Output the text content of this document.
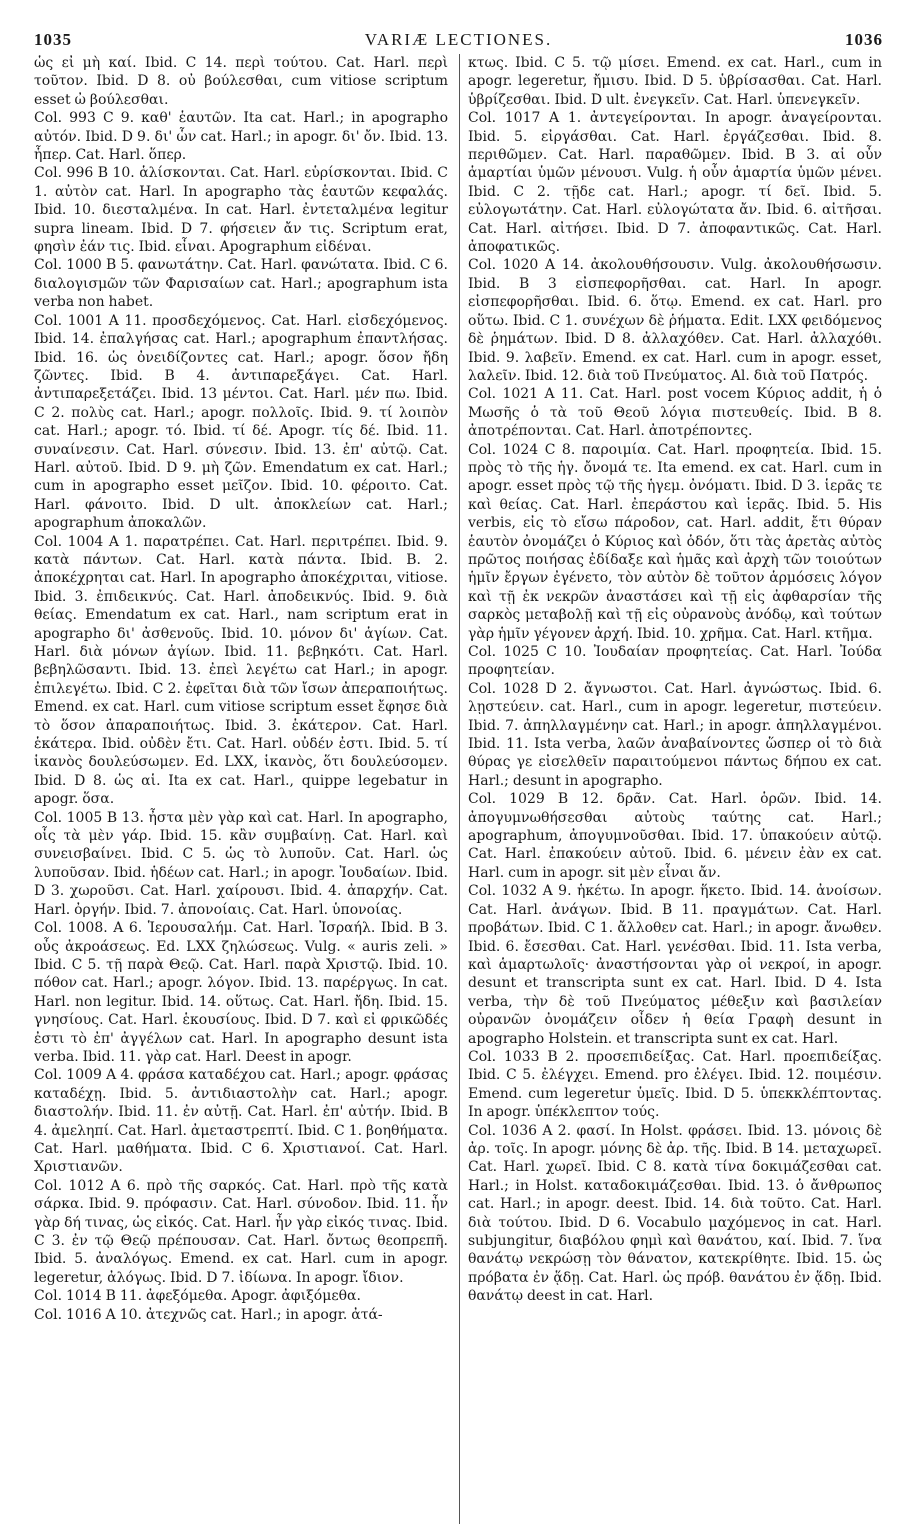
1035	VARIÆ LECTIONES.	1036

ὡς εἰ μὴ καί. Ibid. C 14. περὶ τούτου. Cat. Harl. περὶ τοῦτον. Ibid. D 8. οὐ βούλεσθαι, cum vitiose scriptum esset ὠ βούλεσθαι.

Col. 993 C 9. καθ' ἑαυτῶν. Ita cat. Harl.; in apographo αὐτόν. Ibid. D 9. δι' ὧν cat. Harl.; in apogr. δι' ὄν. Ibid. 13. ἧπερ. Cat. Harl. ὅπερ.

Col. 996 B 10. ἁλίσκονται. Cat. Harl. εὑρίσκονται. Ibid. C 1. αὐτὸν cat. Harl. In apographo τὰς ἑαυτῶν κεφαλάς. Ibid. 10. διεσταλμένα. In cat. Harl. ἐντεταλμένα legitur supra lineam. Ibid. D 7. φήσειεν ἄν τις. Scriptum erat, φησὶν ἐάν τις. Ibid. εἶναι. Apographum εἰδέναι.

Col. 1000 B 5. φανωτάτην. Cat. Harl. φανώτατα. Ibid. C 6. διαλογισμῶν τῶν Φαρισαίων cat. Harl.; apographum ista verba non habet.

Col. 1001 A 11. προσδεχόμενος. Cat. Harl. εἰσδεχόμενος. Ibid. 14. ἐπαλγήσας cat. Harl.; apographum ἐπαντλήσας. Ibid. 16. ὡς ὀνειδίζοντες cat. Harl.; apogr. ὅσον ἤδη ζῶντες. Ibid. B 4. ἀντιπαρεξάγει. Cat. Harl. ἀντιπαρεξετάζει. Ibid. 13 μέντοι. Cat. Harl. μέν πω. Ibid. C 2. πολὺς cat. Harl.; apogr. πολλοῖς. Ibid. 9. τί λοιπὸν cat. Harl.; apogr. τό. Ibid. τί δέ. Apogr. τίς δέ. Ibid. 11. συναίνεσιν. Cat. Harl. σύνεσιν. Ibid. 13. ἐπ' αὐτῷ. Cat. Harl. αὐτοῦ. Ibid. D 9. μὴ ζῶν. Emendatum ex cat. Harl.; cum in apographo esset μεῖζον. Ibid. 10. φέροιτο. Cat. Harl. φάνοιτο. Ibid. D ult. ἀποκλείων cat. Harl.; apographum ἀποκαλῶν.

Col. 1004 A 1. παρατρέπει. Cat. Harl. περιτρέπει. Ibid. 9. κατὰ πάντων. Cat. Harl. κατὰ πάντα. Ibid. B. 2. ἀποκέχρηται cat. Harl. In apographo ἀποκέχριται, vitiose. Ibid. 3. ἐπιδεικνύς. Cat. Harl. ἀποδεικνύς. Ibid. 9. διὰ θείας. Emendatum ex cat. Harl., nam scriptum erat in apographo δι' ἀσθενοῦς. Ibid. 10. μόνον δι' ἁγίων. Cat. Harl. διὰ μόνων ἁγίων. Ibid. 11. βεβηκότι. Cat. Harl. βεβηλῶσαντι. Ibid. 13. ἐπεὶ λεγέτω cat Harl.; in apogr. ἐπιλεγέτω. Ibid. C 2. ἐφεῖται διὰ τῶν ἴσων ἀπεραποιήτως. Emend. ex cat. Harl. cum vitiose scriptum esset ἔφησε διὰ τὸ ὅσον ἀπαραποιήτως. Ibid. 3. ἑκάτερον. Cat. Harl. ἑκάτερα. Ibid. οὐδὲν ἔτι. Cat. Harl. οὐδέν ἐστι. Ibid. 5. τί ἱκανὸς δουλεύσωμεν. Ed. LXX, ἱκανὸς, ὅτι δουλεύσομεν. Ibid. D 8. ὡς αἱ. Ita ex cat. Harl., quippe legebatur in apogr. ὅσα.

Col. 1005 B 13. ἦστα μὲν γὰρ καὶ cat. Harl. In apographo, οἷς τὰ μὲν γάρ. Ibid. 15. κἂν συμβαίνῃ. Cat. Harl. καὶ συνεισβαίνει. Ibid. C 5. ὡς τὸ λυποῦν. Cat. Harl. ὡς λυποῦσαν. Ibid. ἡδέων cat. Harl.; in apogr. Ἰουδαίων. Ibid. D 3. χωροῦσι. Cat. Harl. χαίρουσι. Ibid. 4. ἀπαρχήν. Cat. Harl. ὀργήν. Ibid. 7. ἀπονοίαις. Cat. Harl. ὑπονοίας.

Col. 1008. A 6. Ἱερουσαλήμ. Cat. Harl. Ἰσραήλ. Ibid. B 3. οὖς ἀκροάσεως. Ed. LXX ζηλώσεως. Vulg. « auris zeli. » Ibid. C 5. τῇ παρὰ Θεῷ. Cat. Harl. παρὰ Χριστῷ. Ibid. 10. πόθον cat. Harl.; apogr. λόγον. Ibid. 13. παρέργως. In cat. Harl. non legitur. Ibid. 14. οὕτως. Cat. Harl. ἤδη. Ibid. 15. γνησίους. Cat. Harl. ἑκουσίους. Ibid. D 7. καὶ εἰ φρικῶδές ἐστι τὸ ἐπ' ἀγγέλων cat. Harl. In apographo desunt ista verba. Ibid. 11. γὰρ cat. Harl. Deest in apogr.

Col. 1009 A 4. φράσα καταδέχου cat. Harl.; apogr. φράσας καταδέχῃ. Ibid. 5. ἀντιδιαστολὴν cat. Harl.; apogr. διαστολήν. Ibid. 11. ἐν αὐτῇ. Cat. Harl. ἐπ' αὐτήν. Ibid. B 4. ἀμεληπί. Cat. Harl. ἀμεταστρεπτί. Ibid. C 1. βοηθήματα. Cat. Harl. μαθήματα. Ibid. C 6. Χριστιανοί. Cat. Harl. Χριστιανῶν.

Col. 1012 A 6. πρὸ τῆς σαρκός. Cat. Harl. πρὸ τῆς κατὰ σάρκα. Ibid. 9. πρόφασιν. Cat. Harl. σύνοδον. Ibid. 11. ἦν γὰρ δή τινας, ὡς εἰκός. Cat. Harl. ἦν γὰρ εἰκός τινας. Ibid. C 3. ἐν τῷ Θεῷ πρέπουσαν. Cat. Harl. ὄντως θεοπρεπῆ. Ibid. 5. ἀναλόγως. Emend. ex cat. Harl. cum in apogr. legeretur, ἀλόγως. Ibid. D 7. ἰδίωνα. In apogr. ἴδιον.

Col. 1014 B 11. ἀφεξόμεθα. Apogr. ἀφιξόμεθα.

Col. 1016 A 10. ἀτεχνῶς cat. Harl.; in apogr. ἀτά-

κτως. Ibid. C 5. τῷ μίσει. Emend. ex cat. Harl., cum in apogr. legeretur, ἤμισυ. Ibid. D 5. ὑβρίσασθαι. Cat. Harl. ὑβρίζεσθαι. Ibid. D ult. ἐνεγκεῖν. Cat. Harl. ὑπενεγκεῖν.

Col. 1017 A 1. ἀντεγείρονται. In apogr. ἀναγείρονται. Ibid. 5. εἰργάσθαι. Cat. Harl. ἐργάζεσθαι. Ibid. 8. περιθῶμεν. Cat. Harl. παραθῶμεν. Ibid. B 3. αἱ οὖν ἁμαρτίαι ὑμῶν μένουσι. Vulg. ἡ οὖν ἁμαρτία ὑμῶν μένει. Ibid. C 2. τῇδε cat. Harl.; apogr. τί δεῖ. Ibid. 5. εὐλογωτάτην. Cat. Harl. εὐλογώτατα ἄν. Ibid. 6. αἰτῆσαι. Cat. Harl. αἰτήσει. Ibid. D 7. ἀποφαντικῶς. Cat. Harl. ἀποφατικῶς.

Col. 1020 A 14. ἀκολουθήσουσιν. Vulg. ἀκολουθήσωσιν. Ibid. B 3 εἰσπεφορῆσθαι. cat. Harl. In apogr. εἰσπεφορῆσθαι. Ibid. 6. ὅτῳ. Emend. ex cat. Harl. pro οὕτω. Ibid. C 1. συνέχων δὲ ῥήματα. Edit. LXX φειδόμενος δὲ ῥημάτων. Ibid. D 8. ἀλλαχόθεν. Cat. Harl. ἀλλαχόθι. Ibid. 9. λαβεῖν. Emend. ex cat. Harl. cum in apogr. esset, λαλεῖν. Ibid. 12. διὰ τοῦ Πνεύματος. Al. διὰ τοῦ Πατρός.

Col. 1021 A 11. Cat. Harl. post vocem Κύριος addit, ἡ ὁ Μωσῆς ὁ τὰ τοῦ Θεοῦ λόγια πιστευθείς. Ibid. B 8. ἀποτρέπονται. Cat. Harl. ἀποτρέποντες.

Col. 1024 C 8. παροιμία. Cat. Harl. προφητεία. Ibid. 15. πρὸς τὸ τῆς ἡγ. ὄνομά τε. Ita emend. ex cat. Harl. cum in apogr. esset πρὸς τῷ τῆς ἡγεμ. ὀνόματι. Ibid. D 3. ἱερᾶς τε καὶ θείας. Cat. Harl. ἐπεράστου καὶ ἱερᾶς. Ibid. 5. His verbis, εἰς τὸ εἴσω πάροδον, cat. Harl. addit, ἔτι θύραν ἑαυτὸν ὀνομάζει ὁ Κύριος καὶ ὁδόν, ὅτι τὰς ἀρετὰς αὐτὸς πρῶτος ποιήσας ἐδίδαξε καὶ ἡμᾶς καὶ ἀρχὴ τῶν τοιούτων ἡμῖν ἔργων ἐγένετο, τὸν αὐτὸν δὲ τοῦτον ἁρμόσεις λόγον καὶ τῇ ἐκ νεκρῶν ἀναστάσει καὶ τῇ εἰς ἀφθαρσίαν τῆς σαρκὸς μεταβολῇ καὶ τῇ εἰς οὐρανοὺς ἀνόδῳ, καὶ τούτων γὰρ ἡμῖν γέγονεν ἀρχή. Ibid. 10. χρῆμα. Cat. Harl. κτῆμα.

Col. 1025 C 10. Ἰουδαίαν προφητείας. Cat. Harl. Ἰούδα προφητείαν.

Col. 1028 D 2. ἄγνωστοι. Cat. Harl. ἀγνώστως. Ibid. 6. λῃστεύειν. cat. Harl., cum in apogr. legeretur, πιστεύειν. Ibid. 7. ἀπηλλαγμένην cat. Harl.; in apogr. ἀπηλλαγμένοι. Ibid. 11. Ista verba, λαῶν ἀναβαίνοντες ὥσπερ οἱ τὸ διὰ θύρας γε εἰσελθεῖν παραιτούμενοι πάντως δήπου ex cat. Harl.; desunt in apographo.

Col. 1029 B 12. δρᾶν. Cat. Harl. ὁρῶν. Ibid. 14. ἀπογυμνωθήσεσθαι αὐτοὺς ταύτης cat. Harl.; apographum, ἀπογυμνοῦσθαι. Ibid. 17. ὑπακούειν αὐτῷ. Cat. Harl. ἐπακούειν αὐτοῦ. Ibid. 6. μένειν ἐὰν ex cat. Harl. cum in apogr. sit μὲν εἶναι ἄν.

Col. 1032 A 9. ἡκέτω. In apogr. ἥκετο. Ibid. 14. ἀνοίσων. Cat. Harl. ἀνάγων. Ibid. B 11. πραγμάτων. Cat. Harl. προβάτων. Ibid. C 1. ἄλλοθεν cat. Harl.; in apogr. ἄνωθεν. Ibid. 6. ἔσεσθαι. Cat. Harl. γενέσθαι. Ibid. 11. Ista verba, καὶ ἁμαρτωλοῖς· ἀναστήσονται γὰρ οἱ νεκροί, in apogr. desunt et transcripta sunt ex cat. Harl. Ibid. D 4. Ista verba, τὴν δὲ τοῦ Πνεύματος μέθεξιν καὶ βασιλείαν οὐρανῶν ὀνομάζειν οἶδεν ἡ θεία Γραφὴ desunt in apographo Holstein. et transcripta sunt ex cat. Harl.

Col. 1033 B 2. προσεπιδείξας. Cat. Harl. προεπιδείξας. Ibid. C 5. ἐλέγχει. Emend. pro ἐλέγει. Ibid. 12. ποιμέσιν. Emend. cum legeretur ὑμεῖς. Ibid. D 5. ὑπεκκλέπτοντας. In apogr. ὑπέκλεπτον τούς.

Col. 1036 A 2. φασί. In Holst. φράσει. Ibid. 13. μόνοις δὲ ἀρ. τοῖς. In apogr. μόνης δὲ ἀρ. τῆς. Ibid. B 14. μεταχωρεῖ. Cat. Harl. χωρεῖ. Ibid. C 8. κατὰ τίνα δοκιμάζεσθαι cat. Harl.; in Holst. καταδοκιμάζεσθαι. Ibid. 13. ὁ ἄνθρωπος cat. Harl.; in apogr. deest. Ibid. 14. διὰ τοῦτο. Cat. Harl. διὰ τούτου. Ibid. D 6. Vocabulo μαχόμενος in cat. Harl. subjungitur, διαβόλου φημὶ καὶ θανάτου, καί. Ibid. 7. ἵνα θανάτῳ νεκρώσῃ τὸν θάνατον, κατεκρίθητε. Ibid. 15. ὡς πρόβατα ἐν ᾅδῃ. Cat. Harl. ὡς πρόβ. θανάτου ἐν ᾅδῃ. Ibid. θανάτῳ deest in cat. Harl.
